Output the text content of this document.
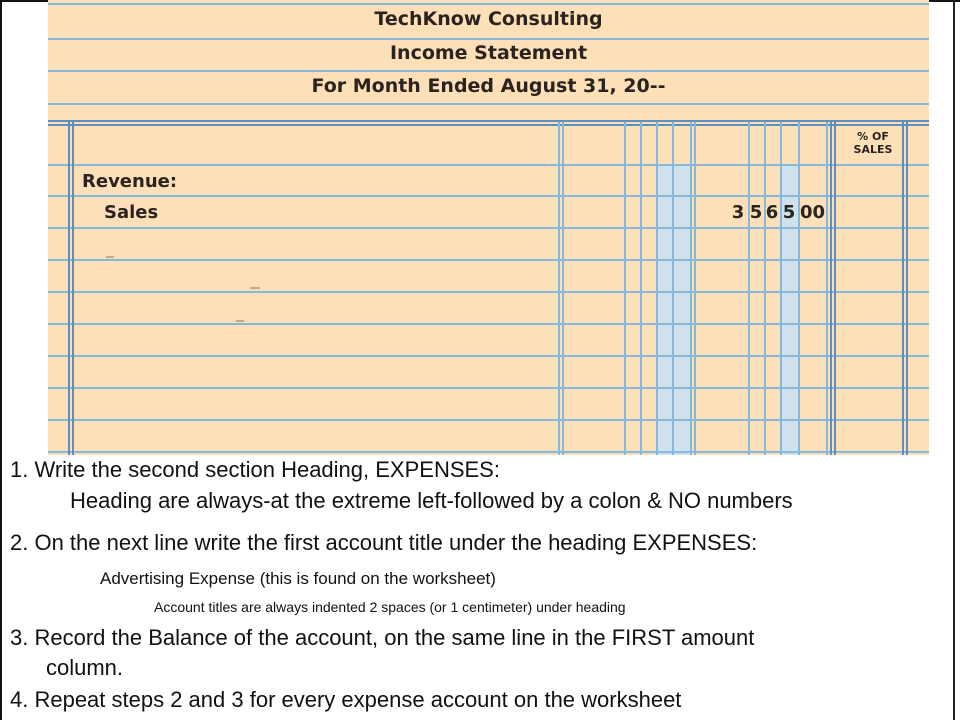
TechKnow Consulting
Income Statement
For Month Ended August 31, 20--
% OF
SALES
Revenue:
Sales	3 5 6 5 00
1. Write the second section Heading, EXPENSES:
Heading are always-at the extreme left-followed by a colon & NO numbers
2. On the next line write the first account title under the heading EXPENSES:
Advertising Expense (this is found on the worksheet)
Account titles are always indented 2 spaces (or 1 centimeter) under heading
3. Record the Balance of the account, on the same line in the FIRST amount
column.
4. Repeat steps 2 and 3 for every expense account on the worksheet
